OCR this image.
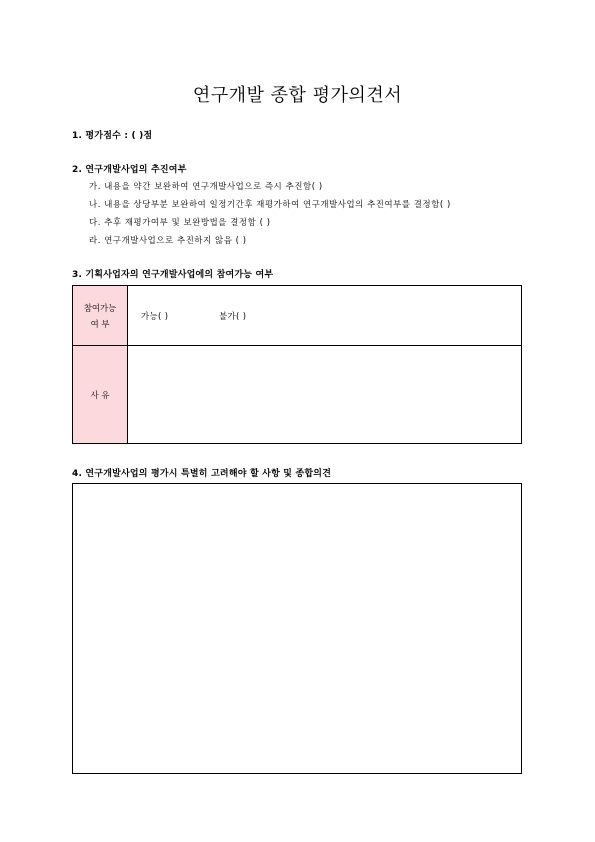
연구개발 종합 평가의견서
1. 평가점수 : ( )점
2. 연구개발사업의 추진여부
가. 내용을 약간 보완하여 연구개발사업으로 즉시 추진함( )
나. 내용을 상당부분 보완하여 일정기간후 재평가하여 연구개발사업의 추진여부를 결정함( )
다. 추후 재평가여부 및 보완방법을 결정함 ( )
라. 연구개발사업으로 추진하지 않음 ( )
3. 기획사업자의 연구개발사업에의 참여가능 여부
참여가능
여 부
가능( )	불가( )
사 유
4. 연구개발사업의 평가시 특별히 고려해야 할 사항 및 종합의견
